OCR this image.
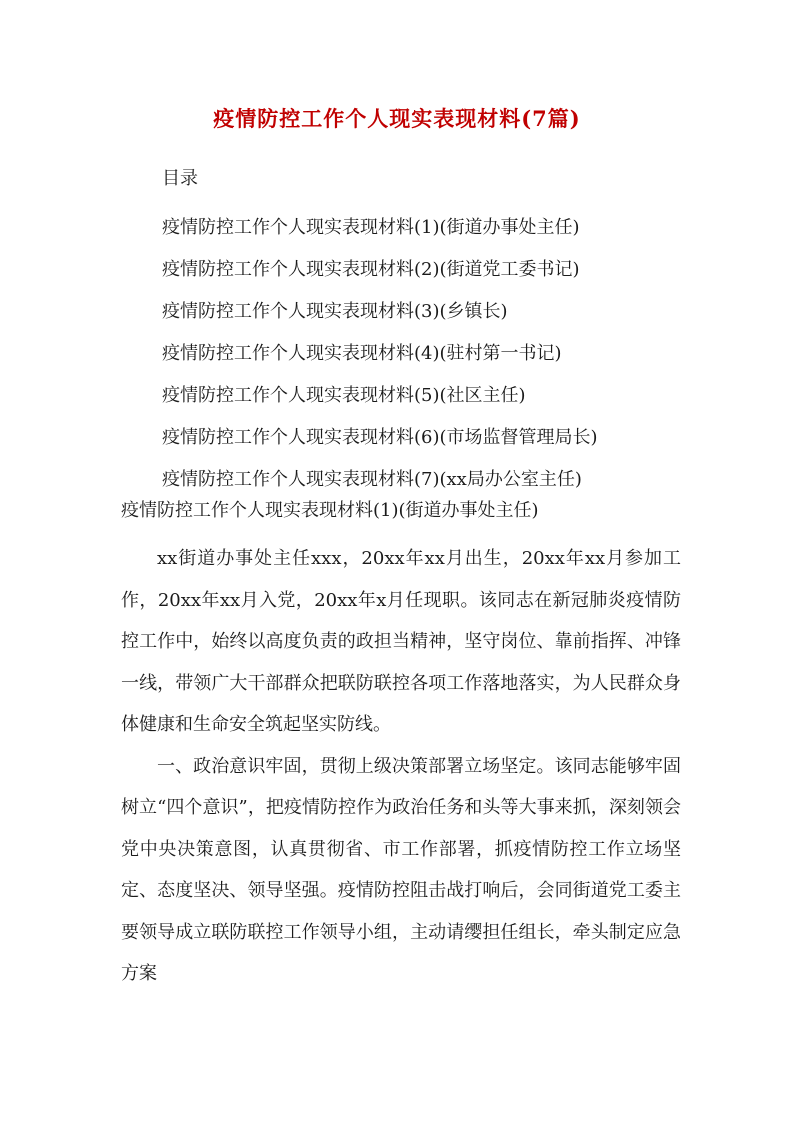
疫情防控工作个人现实表现材料(7篇)
目录
疫情防控工作个人现实表现材料(1)(街道办事处主任)
疫情防控工作个人现实表现材料(2)(街道党工委书记)
疫情防控工作个人现实表现材料(3)(乡镇长)
疫情防控工作个人现实表现材料(4)(驻村第一书记)
疫情防控工作个人现实表现材料(5)(社区主任)
疫情防控工作个人现实表现材料(6)(市场监督管理局长)
疫情防控工作个人现实表现材料(7)(xx局办公室主任)
疫情防控工作个人现实表现材料(1)(街道办事处主任)

xx街道办事处主任xxx，20xx年xx月出生，20xx年xx月参加工作，20xx年xx月入党，20xx年x月任现职。该同志在新冠肺炎疫情防控工作中，始终以高度负责的政担当精神，坚守岗位、靠前指挥、冲锋一线，带领广大干部群众把联防联控各项工作落地落实，为人民群众身体健康和生命安全筑起坚实防线。

一、政治意识牢固，贯彻上级决策部署立场坚定。该同志能够牢固树立“四个意识”，把疫情防控作为政治任务和头等大事来抓，深刻领会党中央决策意图，认真贯彻省、市工作部署，抓疫情防控工作立场坚定、态度坚决、领导坚强。疫情防控阻击战打响后，会同街道党工委主要领导成立联防联控工作领导小组，主动请缨担任组长，牵头制定应急方案
